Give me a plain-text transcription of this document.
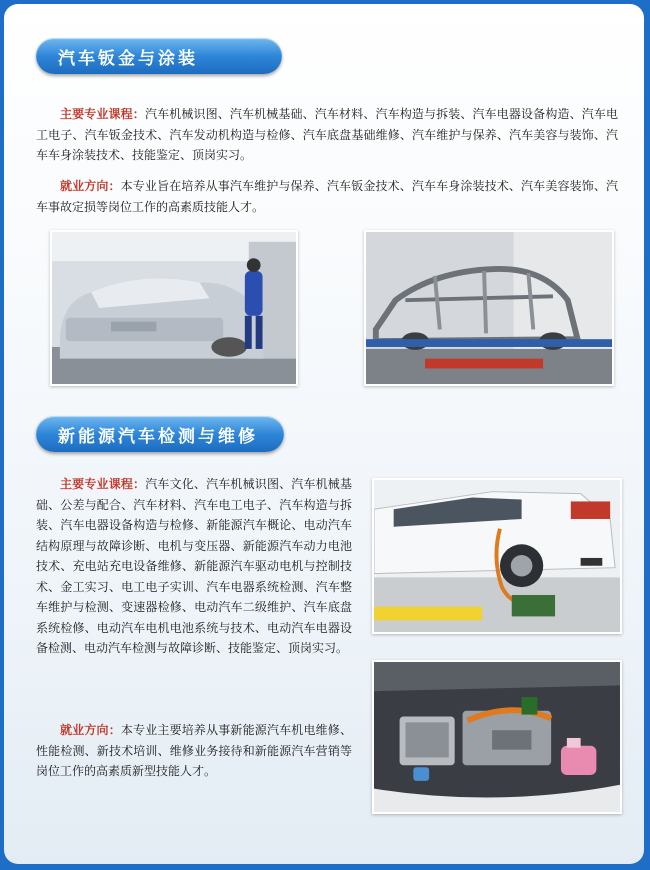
汽车钣金与涂装
主要专业课程：汽车机械识图、汽车机械基础、汽车材料、汽车构造与拆装、汽车电器设备构造、汽车电工电子、汽车钣金技术、汽车发动机构造与检修、汽车底盘基础维修、汽车维护与保养、汽车美容与装饰、汽车车身涂装技术、技能鉴定、顶岗实习。
就业方向：本专业旨在培养从事汽车维护与保养、汽车钣金技术、汽车车身涂装技术、汽车美容装饰、汽车事故定损等岗位工作的高素质技能人才。
新能源汽车检测与维修
主要专业课程：汽车文化、汽车机械识图、汽车机械基础、公差与配合、汽车材料、汽车电工电子、汽车构造与拆装、汽车电器设备构造与检修、新能源汽车概论、电动汽车结构原理与故障诊断、电机与变压器、新能源汽车动力电池技术、充电站充电设备维修、新能源汽车驱动电机与控制技术、金工实习、电工电子实训、汽车电器系统检测、汽车整车维护与检测、变速器检修、电动汽车二级维护、汽车底盘系统检修、电动汽车电机电池系统与技术、电动汽车电器设备检测、电动汽车检测与故障诊断、技能鉴定、顶岗实习。
就业方向：本专业主要培养从事新能源汽车机电维修、性能检测、新技术培训、维修业务接待和新能源汽车营销等岗位工作的高素质新型技能人才。
